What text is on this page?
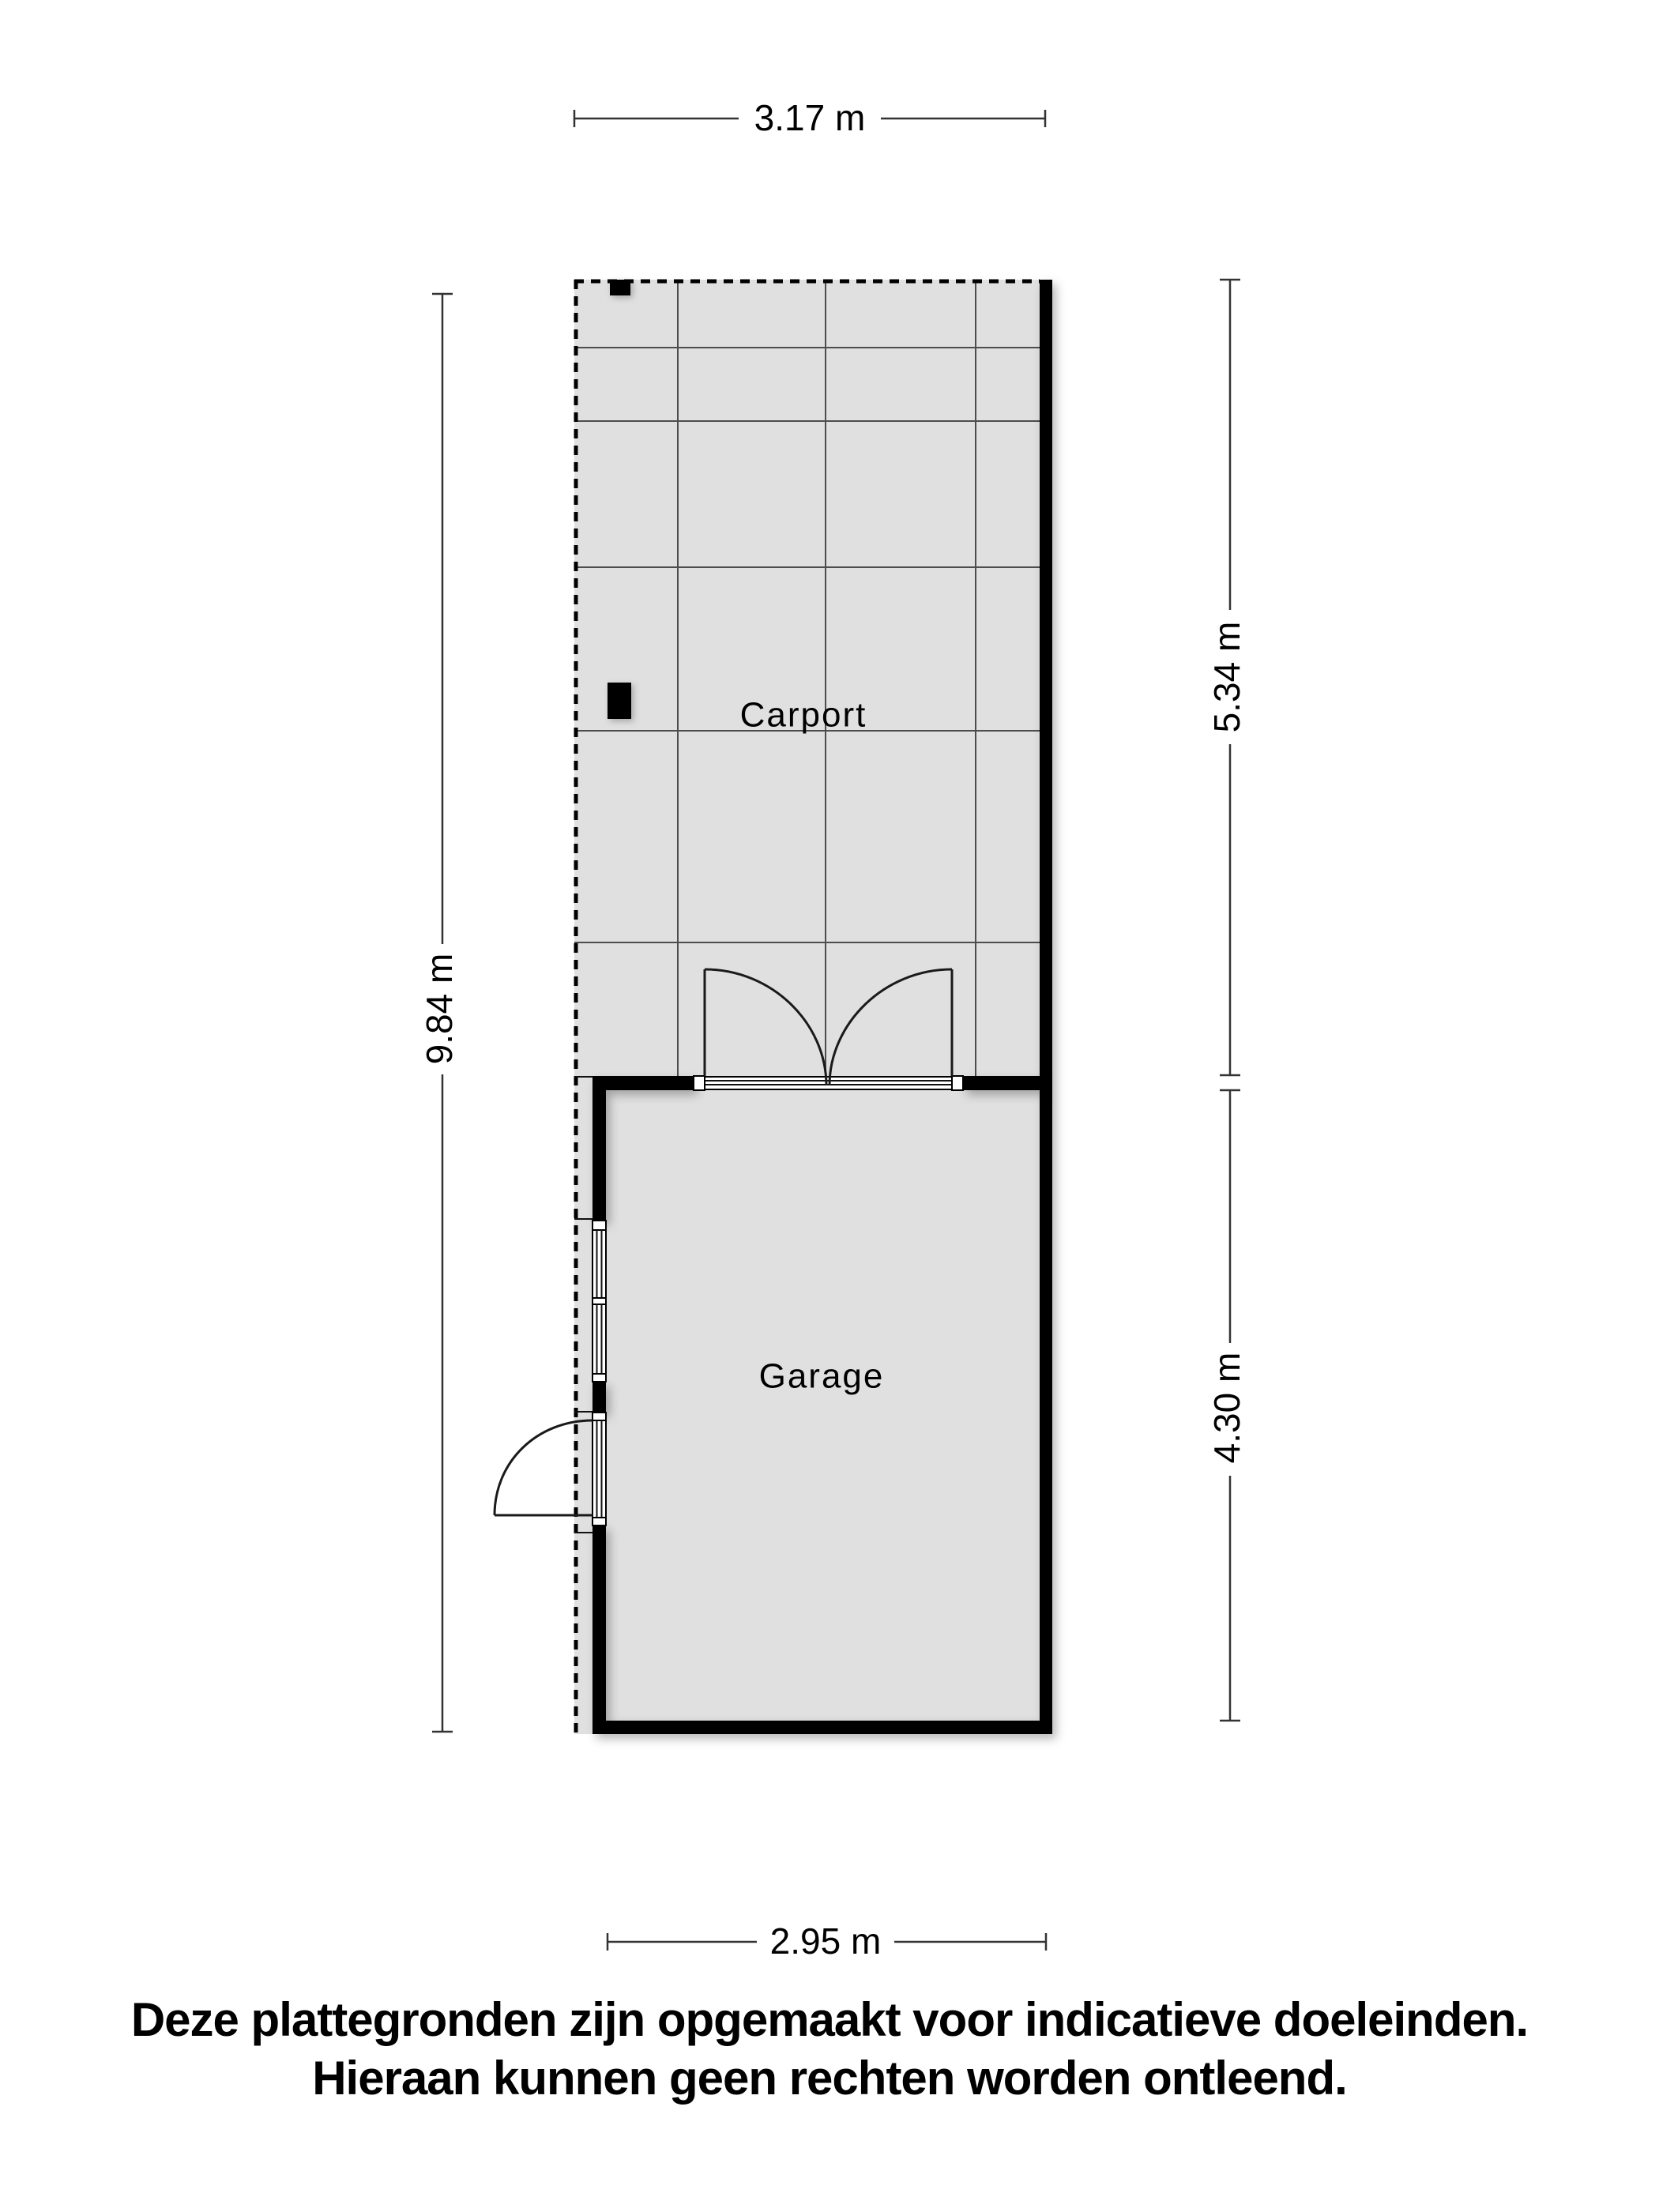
Carport
Garage
3.17 m
9.84 m
5.34 m
4.30 m
2.95 m
Deze plattegronden zijn opgemaakt voor indicatieve doeleinden.
Hieraan kunnen geen rechten worden ontleend.
